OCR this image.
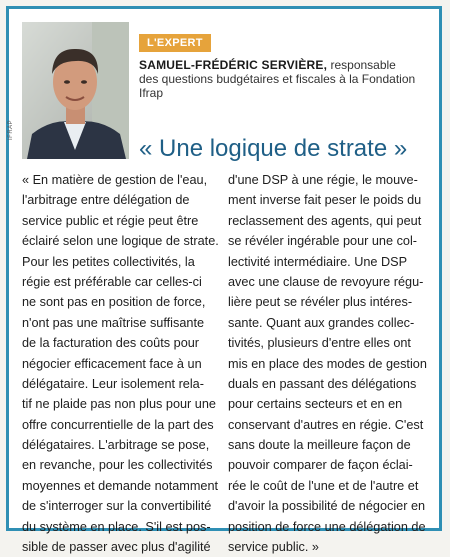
IFRAP
L'EXPERT
SAMUEL-FRÉDÉRIC SERVIÈRE, responsable
des questions budgétaires et fiscales à la Fondation Ifrap
« Une logique de strate »
« En matière de gestion de l'eau,
l'arbitrage entre délégation de
service public et régie peut être
éclairé selon une logique de strate.
Pour les petites collectivités, la
régie est préférable car celles-ci
ne sont pas en position de force,
n'ont pas une maîtrise suffisante
de la facturation des coûts pour
négocier efficacement face à un
délégataire. Leur isolement rela-
tif ne plaide pas non plus pour une
offre concurrentielle de la part des
délégataires. L'arbitrage se pose,
en revanche, pour les collectivités
moyennes et demande notamment
de s'interroger sur la convertibilité
du système en place. S'il est pos-
sible de passer avec plus d'agilité
d'une DSP à une régie, le mouve-
ment inverse fait peser le poids du
reclassement des agents, qui peut
se révéler ingérable pour une col-
lectivité intermédiaire. Une DSP
avec une clause de revoyure régu-
lière peut se révéler plus intéres-
sante. Quant aux grandes collec-
tivités, plusieurs d'entre elles ont
mis en place des modes de gestion
duals en passant des délégations
pour certains secteurs et en en
conservant d'autres en régie. C'est
sans doute la meilleure façon de
pouvoir comparer de façon éclai-
rée le coût de l'une et de l'autre et
d'avoir la possibilité de négocier en
position de force une délégation de
service public. »
